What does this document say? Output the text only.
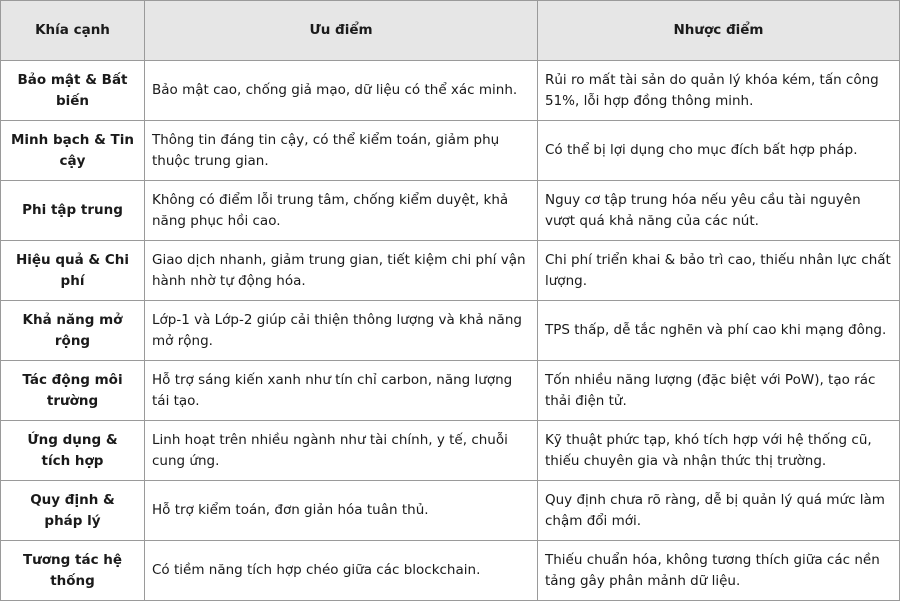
Khía cạnh	Ưu điểm	Nhược điểm
Bảo mật & Bất biến	Bảo mật cao, chống giả mạo, dữ liệu có thể xác minh.	Rủi ro mất tài sản do quản lý khóa kém, tấn công 51%, lỗi hợp đồng thông minh.
Minh bạch & Tin cậy	Thông tin đáng tin cậy, có thể kiểm toán, giảm phụ thuộc trung gian.	Có thể bị lợi dụng cho mục đích bất hợp pháp.
Phi tập trung	Không có điểm lỗi trung tâm, chống kiểm duyệt, khả năng phục hồi cao.	Nguy cơ tập trung hóa nếu yêu cầu tài nguyên vượt quá khả năng của các nút.
Hiệu quả & Chi phí	Giao dịch nhanh, giảm trung gian, tiết kiệm chi phí vận hành nhờ tự động hóa.	Chi phí triển khai & bảo trì cao, thiếu nhân lực chất lượng.
Khả năng mở rộng	Lớp-1 và Lớp-2 giúp cải thiện thông lượng và khả năng mở rộng.	TPS thấp, dễ tắc nghẽn và phí cao khi mạng đông.
Tác động môi trường	Hỗ trợ sáng kiến xanh như tín chỉ carbon, năng lượng tái tạo.	Tốn nhiều năng lượng (đặc biệt với PoW), tạo rác thải điện tử.
Ứng dụng & tích hợp	Linh hoạt trên nhiều ngành như tài chính, y tế, chuỗi cung ứng.	Kỹ thuật phức tạp, khó tích hợp với hệ thống cũ, thiếu chuyên gia và nhận thức thị trường.
Quy định & pháp lý	Hỗ trợ kiểm toán, đơn giản hóa tuân thủ.	Quy định chưa rõ ràng, dễ bị quản lý quá mức làm chậm đổi mới.
Tương tác hệ thống	Có tiềm năng tích hợp chéo giữa các blockchain.	Thiếu chuẩn hóa, không tương thích giữa các nền tảng gây phân mảnh dữ liệu.
